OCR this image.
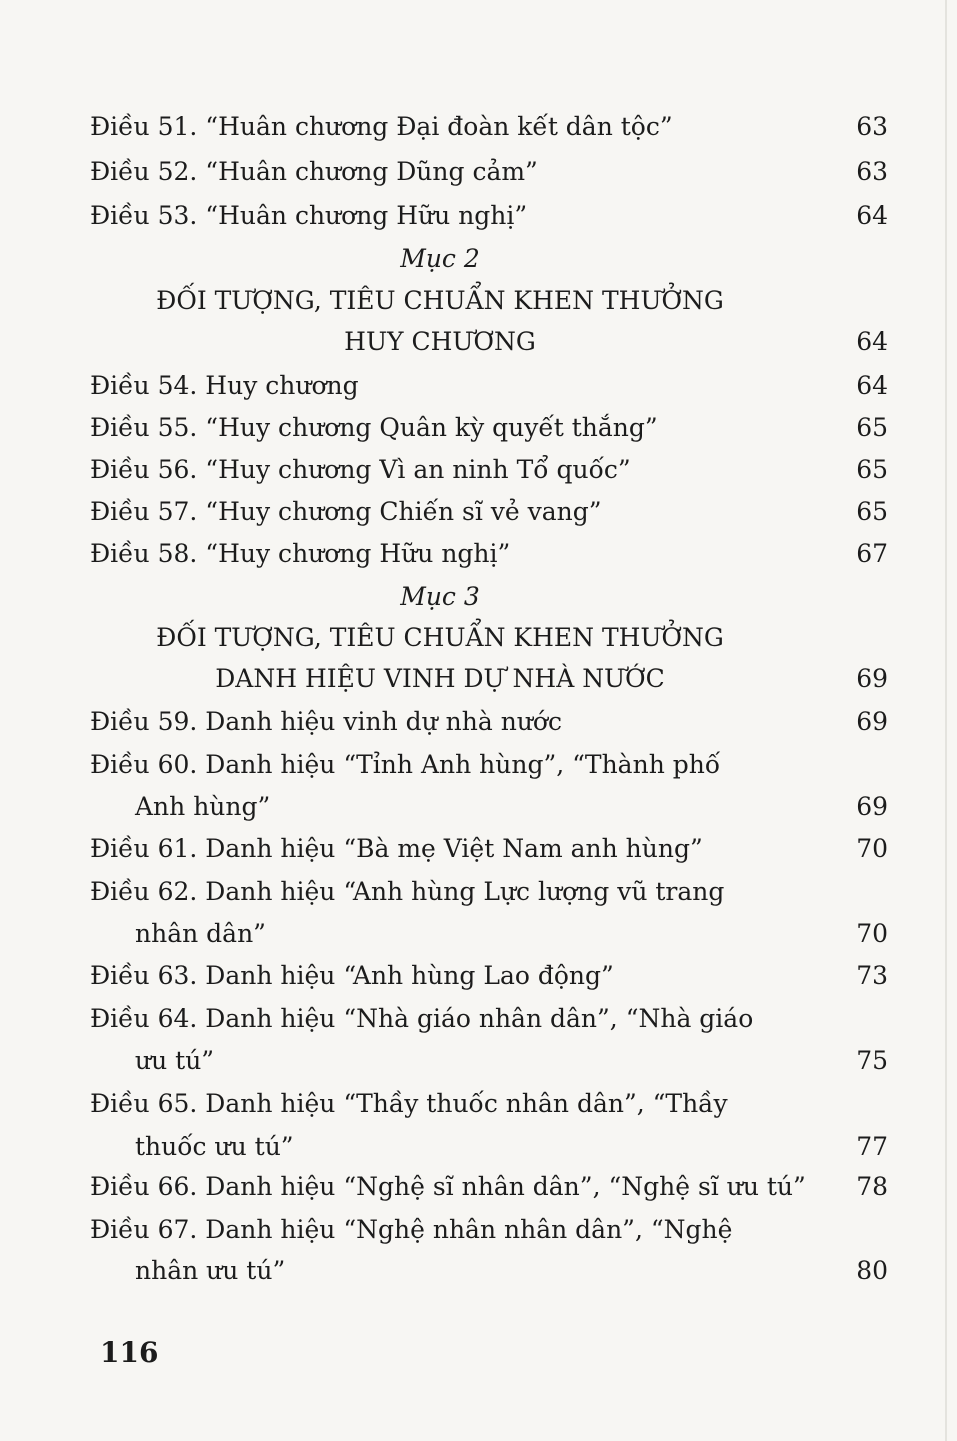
Điều 51. “Huân chương Đại đoàn kết dân tộc”	63
Điều 52. “Huân chương Dũng cảm”	63
Điều 53. “Huân chương Hữu nghị”	64
Mục 2
ĐỐI TƯỢNG, TIÊU CHUẨN KHEN THƯỞNG
HUY CHƯƠNG	64
Điều 54. Huy chương	64
Điều 55. “Huy chương Quân kỳ quyết thắng”	65
Điều 56. “Huy chương Vì an ninh Tổ quốc”	65
Điều 57. “Huy chương Chiến sĩ vẻ vang”	65
Điều 58. “Huy chương Hữu nghị”	67
Mục 3
ĐỐI TƯỢNG, TIÊU CHUẨN KHEN THƯỞNG
DANH HIỆU VINH DỰ NHÀ NƯỚC	69
Điều 59. Danh hiệu vinh dự nhà nước	69
Điều 60. Danh hiệu “Tỉnh Anh hùng”, “Thành phố
Anh hùng”	69
Điều 61. Danh hiệu “Bà mẹ Việt Nam anh hùng”	70
Điều 62. Danh hiệu “Anh hùng Lực lượng vũ trang
nhân dân”	70
Điều 63. Danh hiệu “Anh hùng Lao động”	73
Điều 64. Danh hiệu “Nhà giáo nhân dân”, “Nhà giáo
ưu tú”	75
Điều 65. Danh hiệu “Thầy thuốc nhân dân”, “Thầy
thuốc ưu tú”	77
Điều 66. Danh hiệu “Nghệ sĩ nhân dân”, “Nghệ sĩ ưu tú” 78
Điều 67. Danh hiệu “Nghệ nhân nhân dân”, “Nghệ
nhân ưu tú”	80
116
